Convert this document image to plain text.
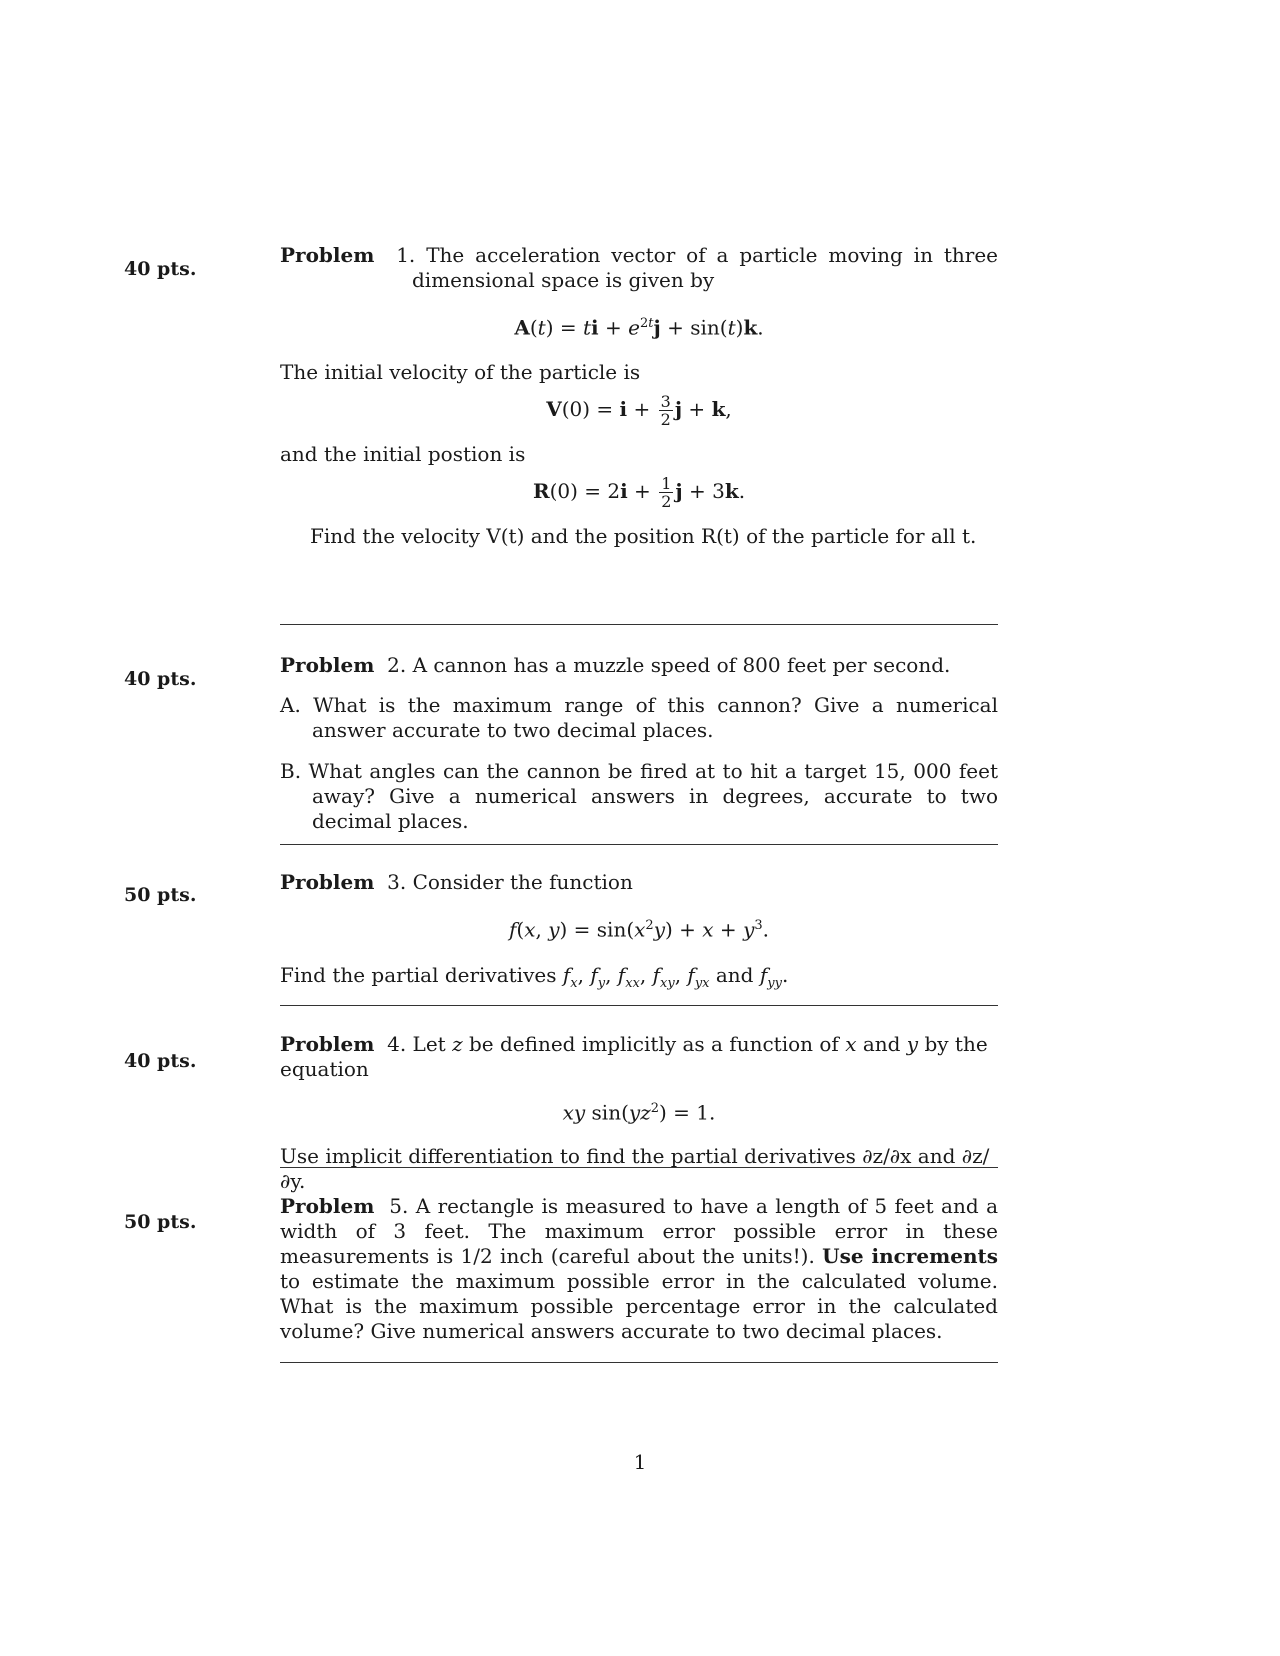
40 pts.
Problem 1. The acceleration vector of a particle moving in three dimensional space is given by
A(t) = ti + $e^{2t}j + \sin(t)k$.

The initial velocity of the particle is

$V(0) = i + \frac{3}{2}$ j + k,

and the initial postion is

$R(0) = 2i + \frac{1}{2}$ j + 3k.

Find the velocity V(t) and the position R(t) of the particle for all t.

40 pts.

Problem 2. A cannon has a muzzle speed of 800 feet per second.

A. What is the maximum range of this cannon? Give a numerical answer accurate to two decimal places.

B. What angles can the cannon be fired at to hit a target 15, 000 feet away? Give a numerical answers in degrees, accurate to two decimal places.

50 pts.

Problem 3. Consider the function

f(x, $y) = \sin(x^2y) + x + y^3$.

Find the partial derivatives $f_x$, $f_y$, $f_{xx}$, $f_{xy}$, $f_{yx}$ and $f_{yy}$.

40 pts.

Problem 4. Let z be defined implicitly as a function of x and y by the equation

xy $\sin(yz^2) = 1$.

Use implicit differentiation to find the partial derivatives ∂z/∂x and ∂z/∂y.

50 pts.

Problem 5. A rectangle is measured to have a length of 5 feet and a width of 3 feet. The maximum error possible error in these measurements is 1/2 inch (careful about the units!). Use increments to estimate the maximum possible error in the calculated volume. What is the maximum possible percentage error in the calculated volume? Give numerical answers accurate to two decimal places.

1
